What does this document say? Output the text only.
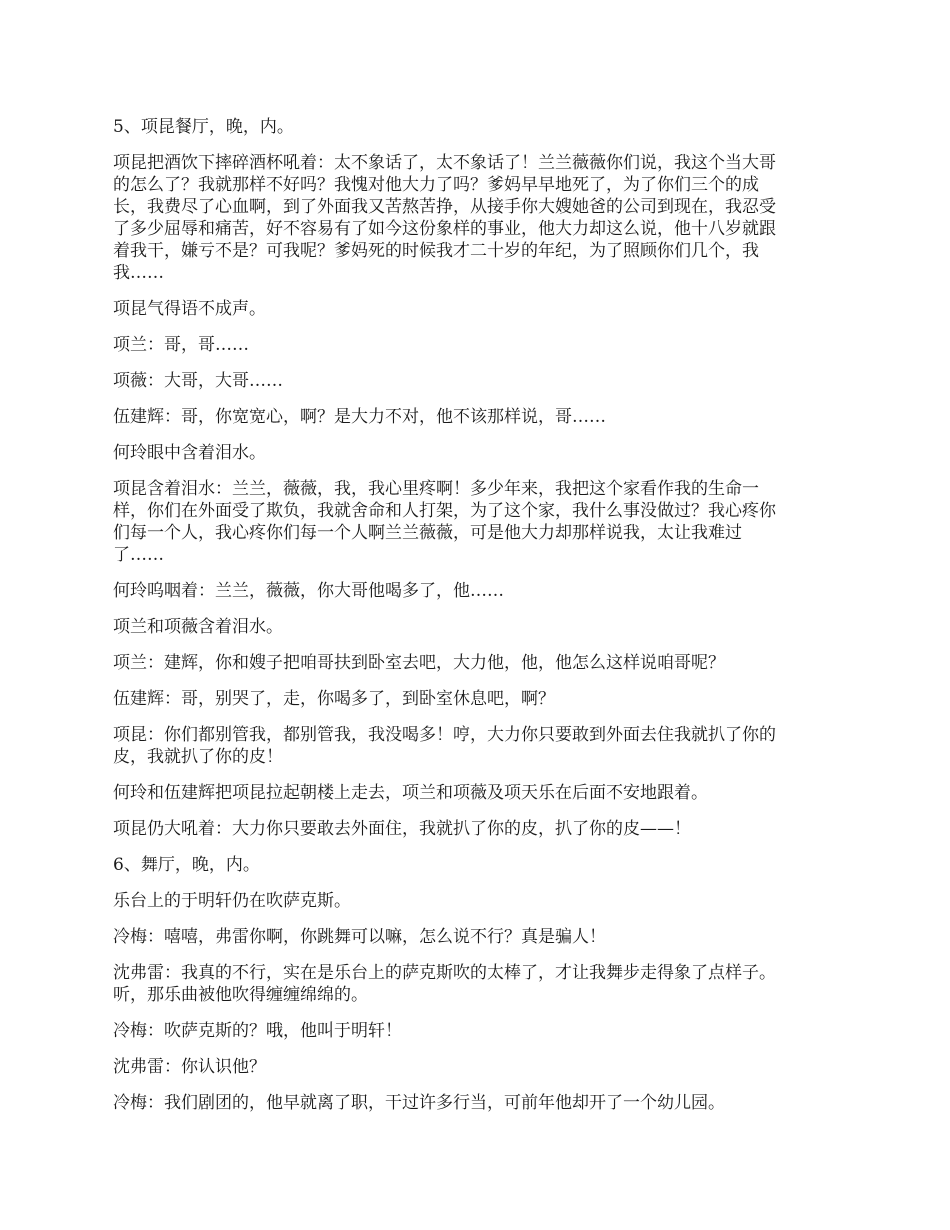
5、项昆餐厅，晚，内。

项昆把酒饮下摔碎酒杯吼着：太不象话了，太不象话了！兰兰薇薇你们说，我这个当大哥
的怎么了？我就那样不好吗？我愧对他大力了吗？爹妈早早地死了，为了你们三个的成
长，我费尽了心血啊，到了外面我又苦熬苦挣，从接手你大嫂她爸的公司到现在，我忍受
了多少屈辱和痛苦，好不容易有了如今这份象样的事业，他大力却这么说，他十八岁就跟
着我干，嫌亏不是？可我呢？爹妈死的时候我才二十岁的年纪，为了照顾你们几个，我
我……

项昆气得语不成声。

项兰：哥，哥……

项薇：大哥，大哥……

伍建辉：哥，你宽宽心，啊？是大力不对，他不该那样说，哥……

何玲眼中含着泪水。

项昆含着泪水：兰兰，薇薇，我，我心里疼啊！多少年来，我把这个家看作我的生命一
样，你们在外面受了欺负，我就舍命和人打架，为了这个家，我什么事没做过？我心疼你
们每一个人，我心疼你们每一个人啊兰兰薇薇，可是他大力却那样说我，太让我难过
了……

何玲呜咽着：兰兰，薇薇，你大哥他喝多了，他……

项兰和项薇含着泪水。

项兰：建辉，你和嫂子把咱哥扶到卧室去吧，大力他，他，他怎么这样说咱哥呢？

伍建辉：哥，别哭了，走，你喝多了，到卧室休息吧，啊？

项昆：你们都别管我，都别管我，我没喝多！哼，大力你只要敢到外面去住我就扒了你的
皮，我就扒了你的皮！

何玲和伍建辉把项昆拉起朝楼上走去，项兰和项薇及项天乐在后面不安地跟着。

项昆仍大吼着：大力你只要敢去外面住，我就扒了你的皮，扒了你的皮——！

6、舞厅，晚，内。

乐台上的于明轩仍在吹萨克斯。

冷梅：嘻嘻，弗雷你啊，你跳舞可以嘛，怎么说不行？真是骗人！

沈弗雷：我真的不行，实在是乐台上的萨克斯吹的太棒了，才让我舞步走得象了点样子。
听，那乐曲被他吹得缠缠绵绵的。

冷梅：吹萨克斯的？哦，他叫于明轩！

沈弗雷：你认识他？

冷梅：我们剧团的，他早就离了职，干过许多行当，可前年他却开了一个幼儿园。
